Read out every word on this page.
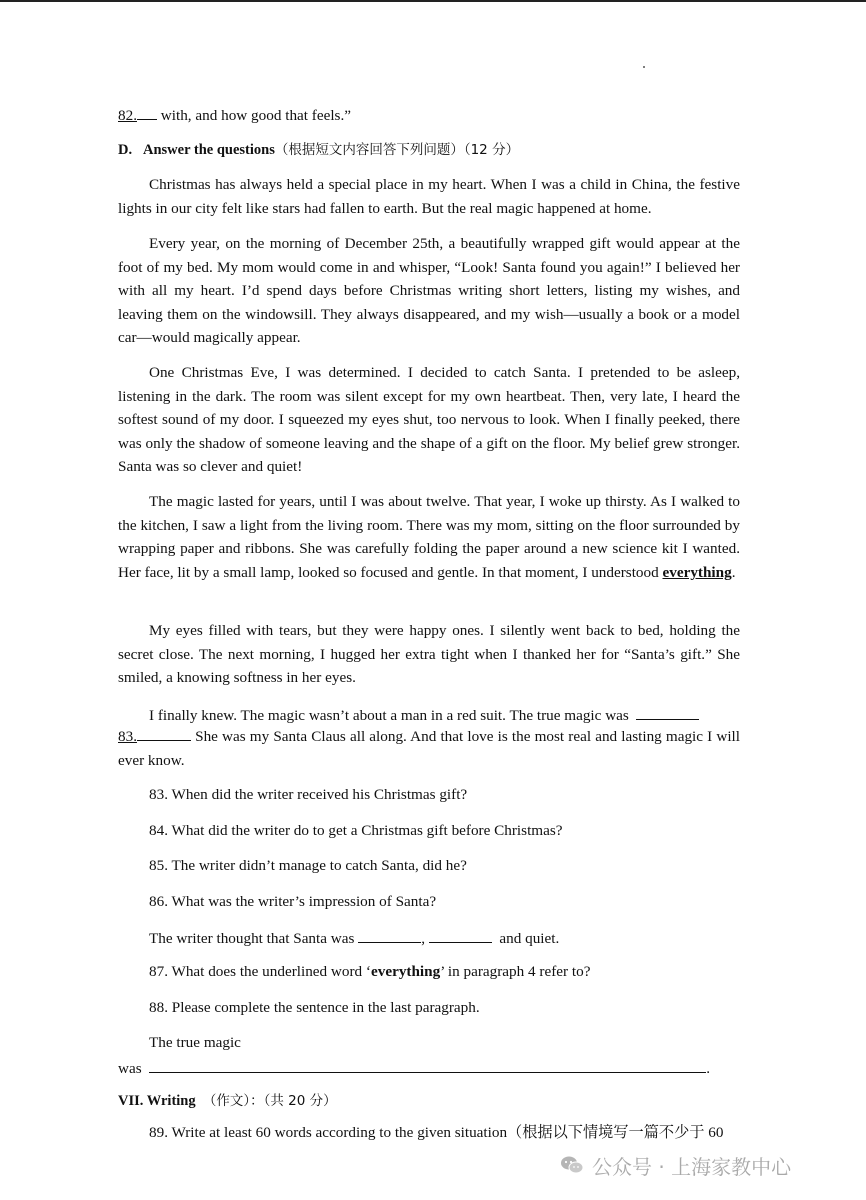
82. with, and how good that feels.”
D. Answer the questions（根据短文内容回答下列问题）（12 分）
Christmas has always held a special place in my heart. When I was a child in China, the festive lights in our city felt like stars had fallen to earth. But the real magic happened at home.
Every year, on the morning of December 25th, a beautifully wrapped gift would appear at the foot of my bed. My mom would come in and whisper, “Look! Santa found you again!” I believed her with all my heart. I’d spend days before Christmas writing short letters, listing my wishes, and leaving them on the windowsill. They always disappeared, and my wish—usually a book or a model car—would magically appear.
One Christmas Eve, I was determined. I decided to catch Santa. I pretended to be asleep, listening in the dark. The room was silent except for my own heartbeat. Then, very late, I heard the softest sound of my door. I squeezed my eyes shut, too nervous to look. When I finally peeked, there was only the shadow of someone leaving and the shape of a gift on the floor. My belief grew stronger. Santa was so clever and quiet!
The magic lasted for years, until I was about twelve. That year, I woke up thirsty. As I walked to the kitchen, I saw a light from the living room. There was my mom, sitting on the floor surrounded by wrapping paper and ribbons. She was carefully folding the paper around a new science kit I wanted. Her face, lit by a small lamp, looked so focused and gentle. In that moment, I understood everything.
My eyes filled with tears, but they were happy ones. I silently went back to bed, holding the secret close. The next morning, I hugged her extra tight when I thanked her for “Santa’s gift.” She smiled, a knowing softness in her eyes.
I finally knew. The magic wasn’t about a man in a red suit. The true magic was
83.	She was my Santa Claus all along. And that love is the most real and lasting magic I will ever know.
83. When did the writer received his Christmas gift?
84. What did the writer do to get a Christmas gift before Christmas?
85. The writer didn’t manage to catch Santa, did he?
86. What was the writer’s impression of Santa?
The writer thought that Santa was	,	and quiet.
87. What does the underlined word ‘everything’ in paragraph 4 refer to?
88. Please complete the sentence in the last paragraph.
The true magic
was	.
VII. Writing （作文）：（共 20 分）
89. Write at least 60 words according to the given situation（根据以下情境写一篇不少于 60
公众号 · 上海家教中心
